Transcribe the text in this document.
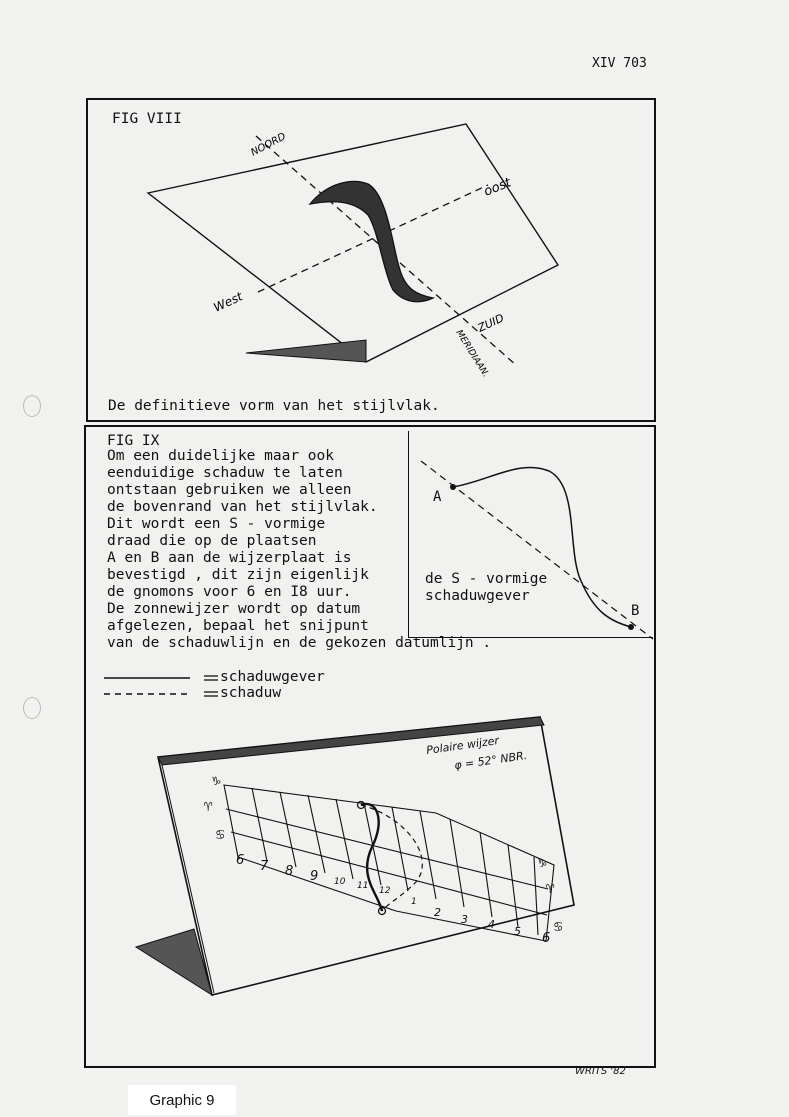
XIV 703
FIG VIII
NOORD
oost
West
ZUID
MERIDIAAN.
De definitieve vorm van het stijlvlak.
FIG IX
Om een duidelijke maar ook
eenduidige schaduw te laten
ontstaan gebruiken we alleen
de bovenrand van het stijlvlak.
Dit wordt een S - vormige
draad die op de plaatsen
A en B aan de wijzerplaat is
bevestigd , dit zijn eigenlijk
de gnomons voor 6 en I8 uur.
De zonnewijzer wordt op datum
afgelezen, bepaal het snijpunt
van de schaduwlijn en de gekozen datumlijn .
A
B
de S - vormige
schaduwgever
schaduwgever
schaduw
Polaire wijzer
φ = 52° NBR.
6 7 8 9 10 11 12
1
2
3 4
5 6
♑
♈
♋
♑
♈
♋
WRITS '82
Graphic 9
